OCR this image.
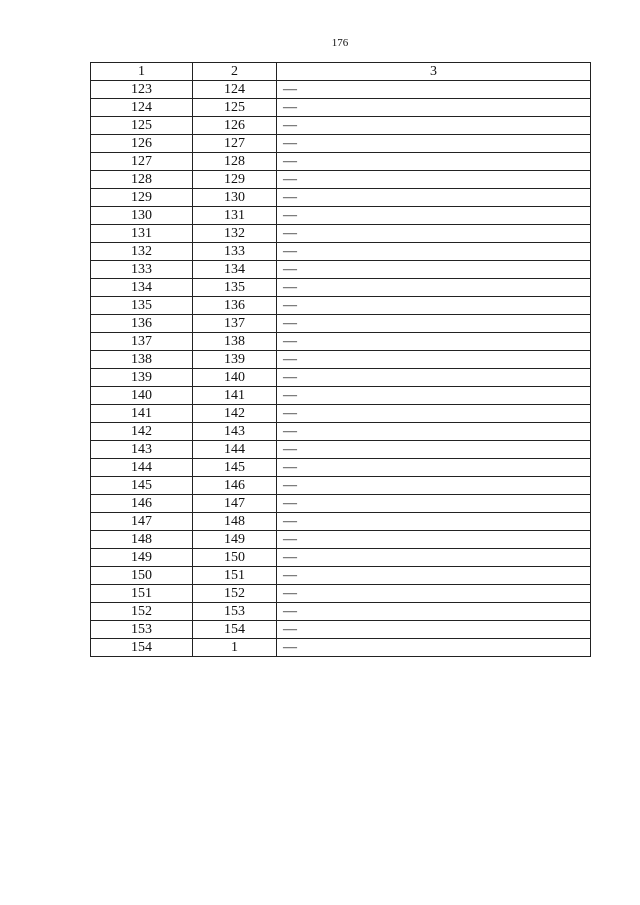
176
1	2	3
123	124	—
124	125	—
125	126	—
126	127	—
127	128	—
128	129	—
129	130	—
130	131	—
131	132	—
132	133	—
133	134	—
134	135	—
135	136	—
136	137	—
137	138	—
138	139	—
139	140	—
140	141	—
141	142	—
142	143	—
143	144	—
144	145	—
145	146	—
146	147	—
147	148	—
148	149	—
149	150	—
150	151	—
151	152	—
152	153	—
153	154	—
154	1	—
